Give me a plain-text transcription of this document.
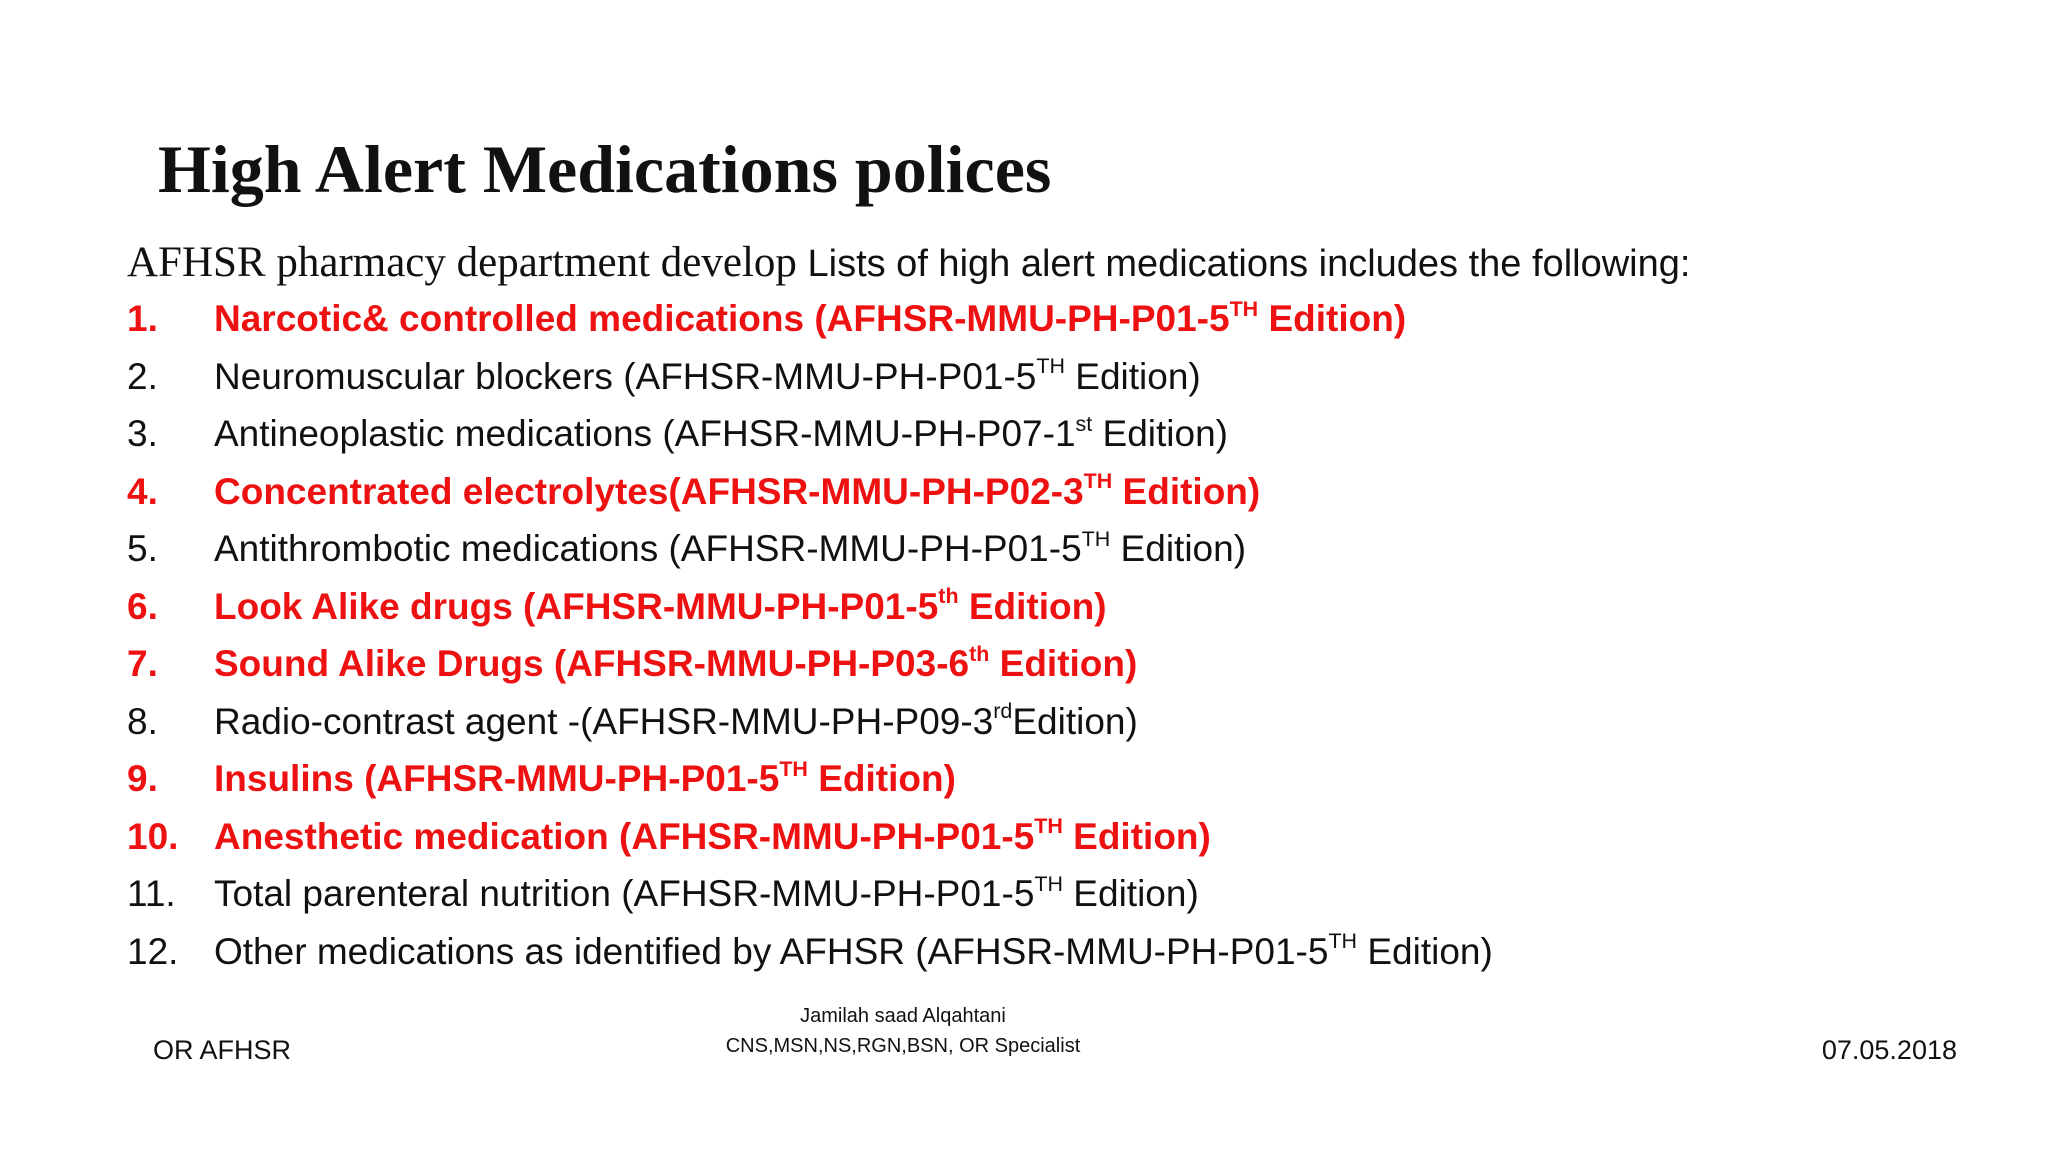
High Alert Medications polices
AFHSR pharmacy department develop Lists of high alert medications includes the following:
1. Narcotic& controlled medications (AFHSR-MMU-PH-P01-5TH Edition)
2. Neuromuscular blockers (AFHSR-MMU-PH-P01-5TH Edition)
3. Antineoplastic medications (AFHSR-MMU-PH-P07-1st Edition)
4. Concentrated electrolytes(AFHSR-MMU-PH-P02-3TH Edition)
5. Antithrombotic medications (AFHSR-MMU-PH-P01-5TH Edition)
6. Look Alike drugs (AFHSR-MMU-PH-P01-5th Edition)
7. Sound Alike Drugs (AFHSR-MMU-PH-P03-6th Edition)
8. Radio-contrast agent -(AFHSR-MMU-PH-P09-3rdEdition)
9. Insulins (AFHSR-MMU-PH-P01-5TH Edition)
10. Anesthetic medication (AFHSR-MMU-PH-P01-5TH Edition)
11. Total parenteral nutrition (AFHSR-MMU-PH-P01-5TH Edition)
12. Other medications as identified by AFHSR (AFHSR-MMU-PH-P01-5TH Edition)
OR AFHSR
Jamilah saad Alqahtani
CNS,MSN,NS,RGN,BSN, OR Specialist	07.05.2018
